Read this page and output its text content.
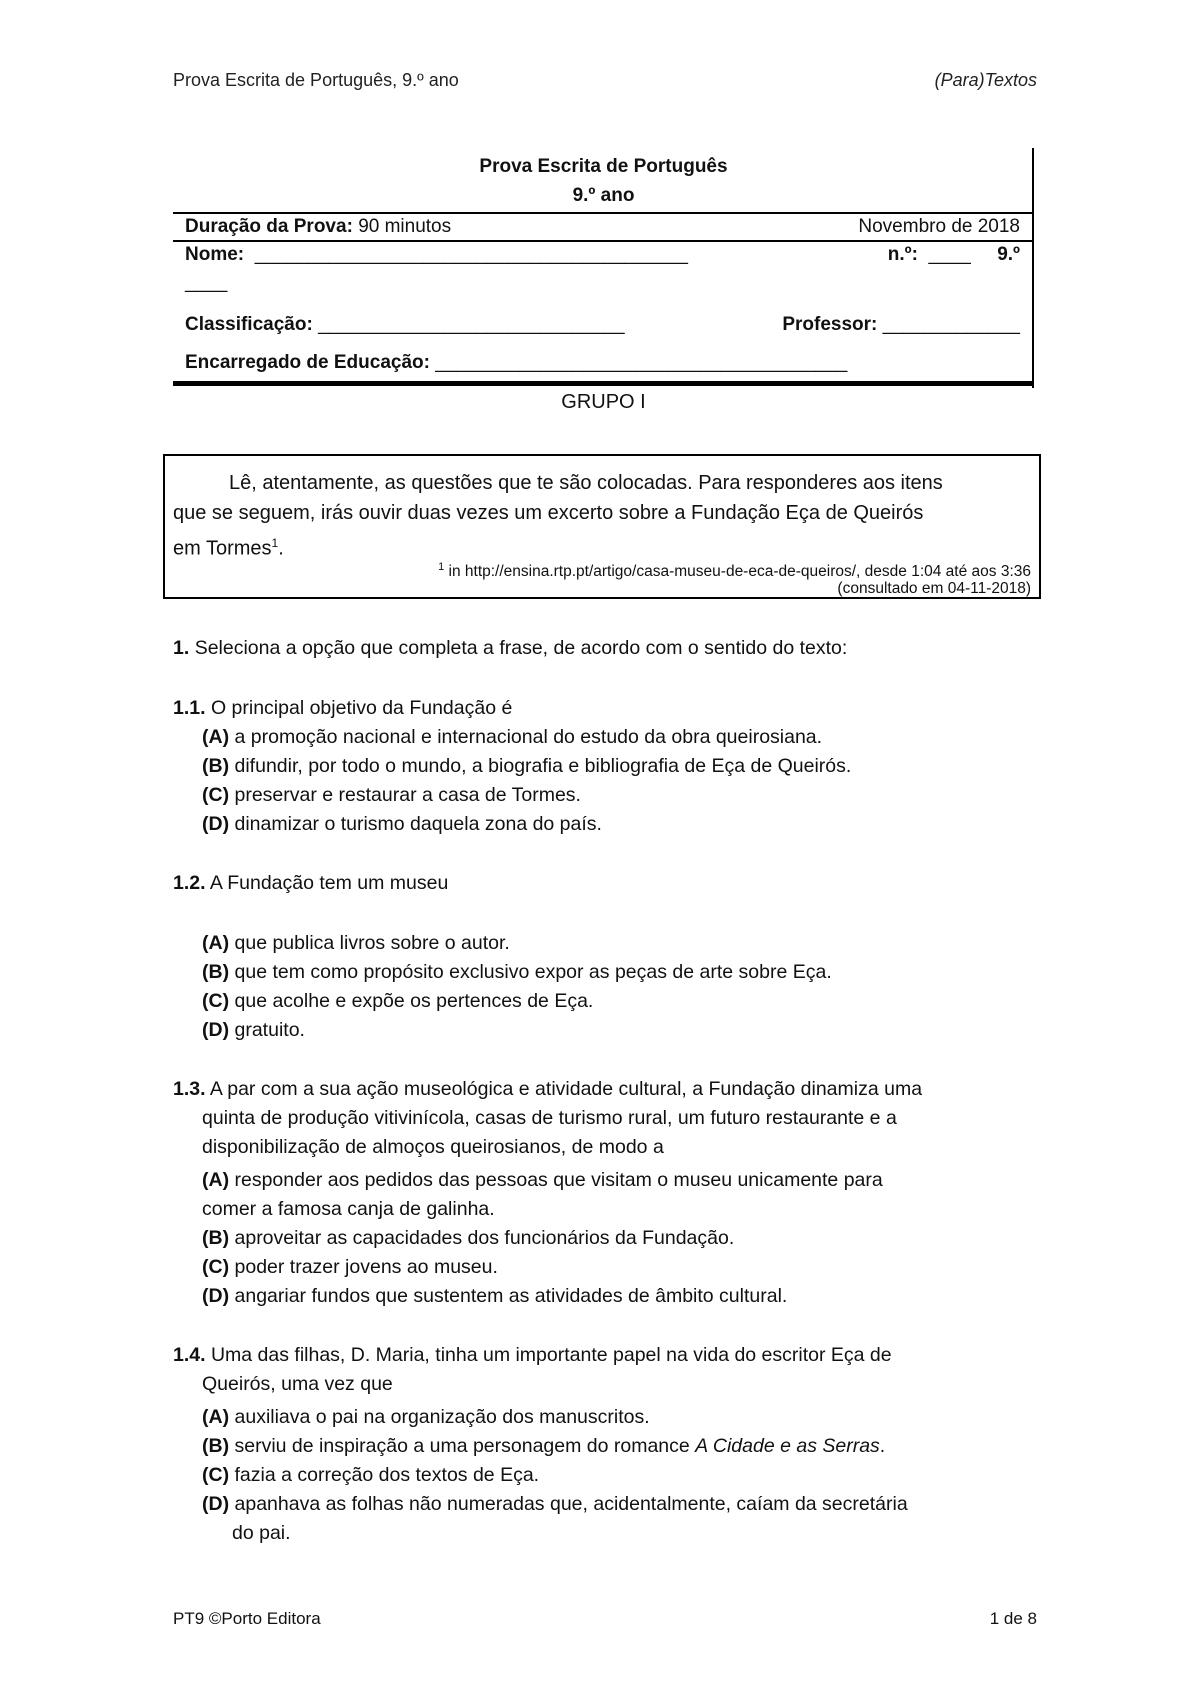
Prova Escrita de Português, 9.º ano	(Para)Textos
Prova Escrita de Português
9.º ano
Duração da Prova: 90 minutos	Novembro de 2018
Nome: _________________________________________	n.º: ____ 9.º
____
Classificação: _____________________________	Professor: _____________
Encarregado de Educação: _______________________________________
GRUPO I

Lê, atentamente, as questões que te são colocadas. Para responderes aos itens

que se seguem, irás ouvir duas vezes um excerto sobre a Fundação Eça de Queirós

em Tormes$^1$.

$^1$ in http://ensina.rtp.pt/artigo/casa-museu-de-eca-de-queiros/, desde 1:04 até aos 3:36
(consultado em 04-11-2018)
1. Seleciona a opção que completa a frase, de acordo com o sentido do texto:
1.1. O principal objetivo da Fundação é
(A) a promoção nacional e internacional do estudo da obra queirosiana.
(B) difundir, por todo o mundo, a biografia e bibliografia de Eça de Queirós.
(C) preservar e restaurar a casa de Tormes.
(D) dinamizar o turismo daquela zona do país.
1.2. A Fundação tem um museu
(A) que publica livros sobre o autor.
(B) que tem como propósito exclusivo expor as peças de arte sobre Eça.
(C) que acolhe e expõe os pertences de Eça.
(D) gratuito.
1.3. A par com a sua ação museológica e atividade cultural, a Fundação dinamiza uma
quinta de produção vitivinícola, casas de turismo rural, um futuro restaurante e a
disponibilização de almoços queirosianos, de modo a
(A) responder aos pedidos das pessoas que visitam o museu unicamente para
comer a famosa canja de galinha.
(B) aproveitar as capacidades dos funcionários da Fundação.
(C) poder trazer jovens ao museu.
(D) angariar fundos que sustentem as atividades de âmbito cultural.
1.4. Uma das filhas, D. Maria, tinha um importante papel na vida do escritor Eça de
Queirós, uma vez que
(A) auxiliava o pai na organização dos manuscritos.
(B) serviu de inspiração a uma personagem do romance A Cidade e as Serras.
(C) fazia a correção dos textos de Eça.
(D) apanhava as folhas não numeradas que, acidentalmente, caíam da secretária
do pai.
PT9 ©Porto Editora	1 de 8
